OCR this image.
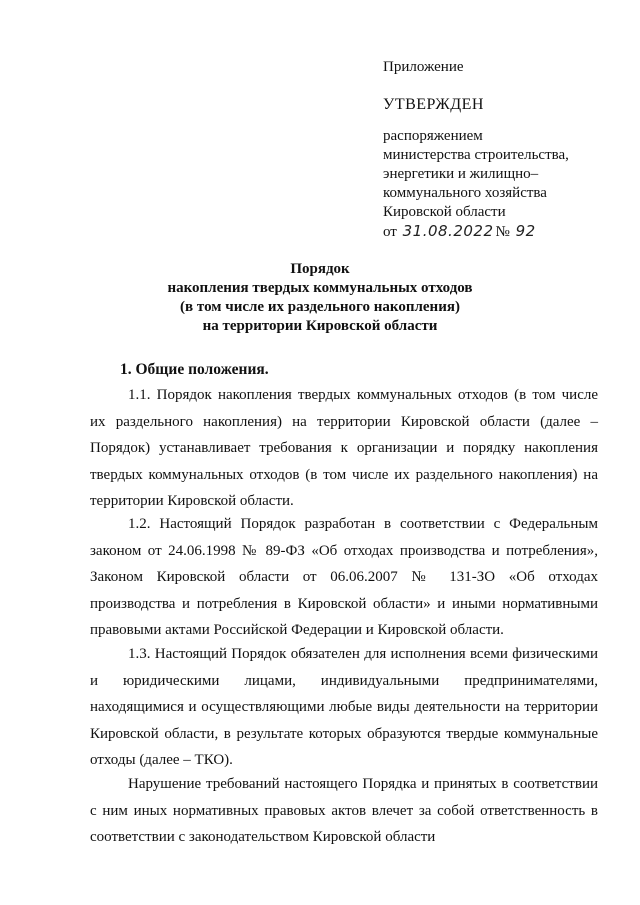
Приложение
УТВЕРЖДЕН
распоряжением
министерства строительства,
энергетики и жилищно–
коммунального хозяйства
Кировской области
от 31.08.2022 № 92
Порядок
накопления твердых коммунальных отходов
(в том числе их раздельного накопления)
на территории Кировской области
1. Общие положения.

1.1. Порядок накопления твердых коммунальных отходов (в том числе их раздельного накопления) на территории Кировской области (далее – Порядок) устанавливает требования к организации и порядку накопления твердых коммунальных отходов (в том числе их раздельного накопления) на территории Кировской области.

1.2. Настоящий Порядок разработан в соответствии с Федеральным законом от 24.06.1998 № 89-ФЗ «Об отходах производства и потребления», Законом Кировской области от 06.06.2007 № 131-ЗО «Об отходах производства и потребления в Кировской области» и иными нормативными правовыми актами Российской Федерации и Кировской области.

1.3. Настоящий Порядок обязателен для исполнения всеми физическими и юридическими лицами, индивидуальными предпринимателями, находящимися и осуществляющими любые виды деятельности на территории Кировской области, в результате которых образуются твердые коммунальные отходы (далее – ТКО).

Нарушение требований настоящего Порядка и принятых в соответствии с ним иных нормативных правовых актов влечет за собой ответственность в соответствии с законодательством Кировской области
